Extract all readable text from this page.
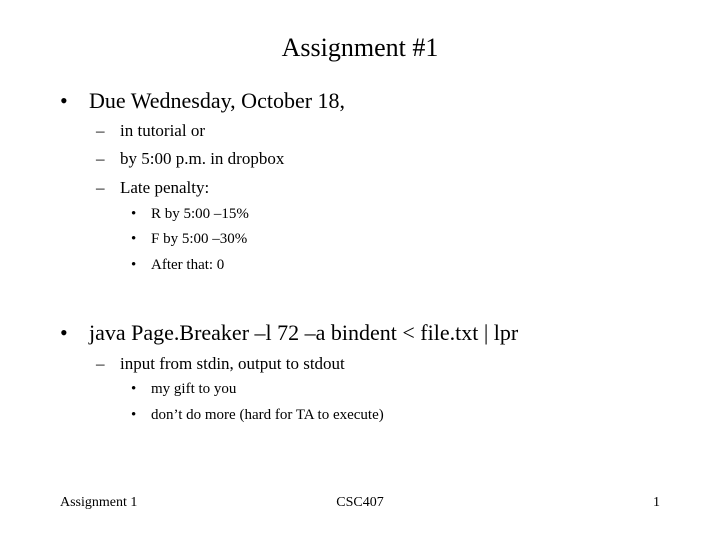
Assignment #1
• Due Wednesday, October 18,
– in tutorial or
– by 5:00 p.m. in dropbox
– Late penalty:
• R by 5:00 –15%
• F by 5:00 –30%
• After that: 0
• java Page.Breaker –l 72 –a bindent < file.txt | lpr
– input from stdin, output to stdout
• my gift to you
• don’t do more (hard for TA to execute)
Assignment 1	CSC407	1
